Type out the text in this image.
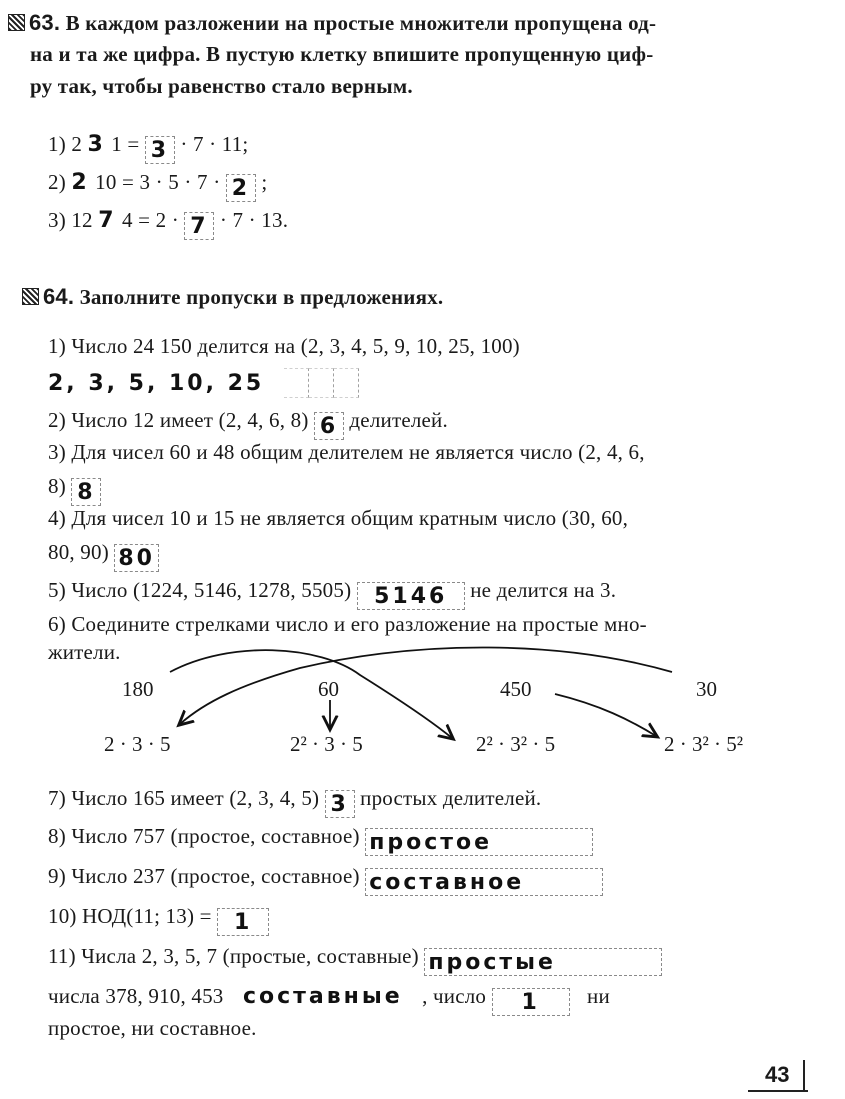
63. В каждом разложении на простые множители пропущена од-
на и та же цифра. В пустую клетку впишите пропущенную циф-
ру так, чтобы равенство стало верным.
1) 2 3 1 = 3 · 7 · 11;
2) 2 10 = 3 · 5 · 7 · 2 ;
3) 12 7 4 = 2 · 7 · 7 · 13.
64. Заполните пропуски в предложениях.
1) Число 24 150 делится на (2, 3, 4, 5, 9, 10, 25, 100)
2, 3, 5, 10, 25
2) Число 12 имеет (2, 4, 6, 8) 6 делителей.
3) Для чисел 60 и 48 общим делителем не является число (2, 4, 6,
8) 8
4) Для чисел 10 и 15 не является общим кратным число (30, 60,
80, 90) 80
5) Число (1224, 5146, 1278, 5505) 5146 не делится на 3.
6) Соедините стрелками число и его разложение на простые мно-
жители.
180	60	450	30
2 · 3 · 5	2² · 3 · 5	2² · 3² · 5	2 · 3² · 5²
7) Число 165 имеет (2, 3, 4, 5) 3 простых делителей.
8) Число 757 (простое, составное) простое
9) Число 237 (простое, составное) составное
10) НОД(11; 13) = 1
11) Числа 2, 3, 5, 7 (простые, составные) простые
числа 378, 910, 453 составные , число 1 ни
простое, ни составное.
43
